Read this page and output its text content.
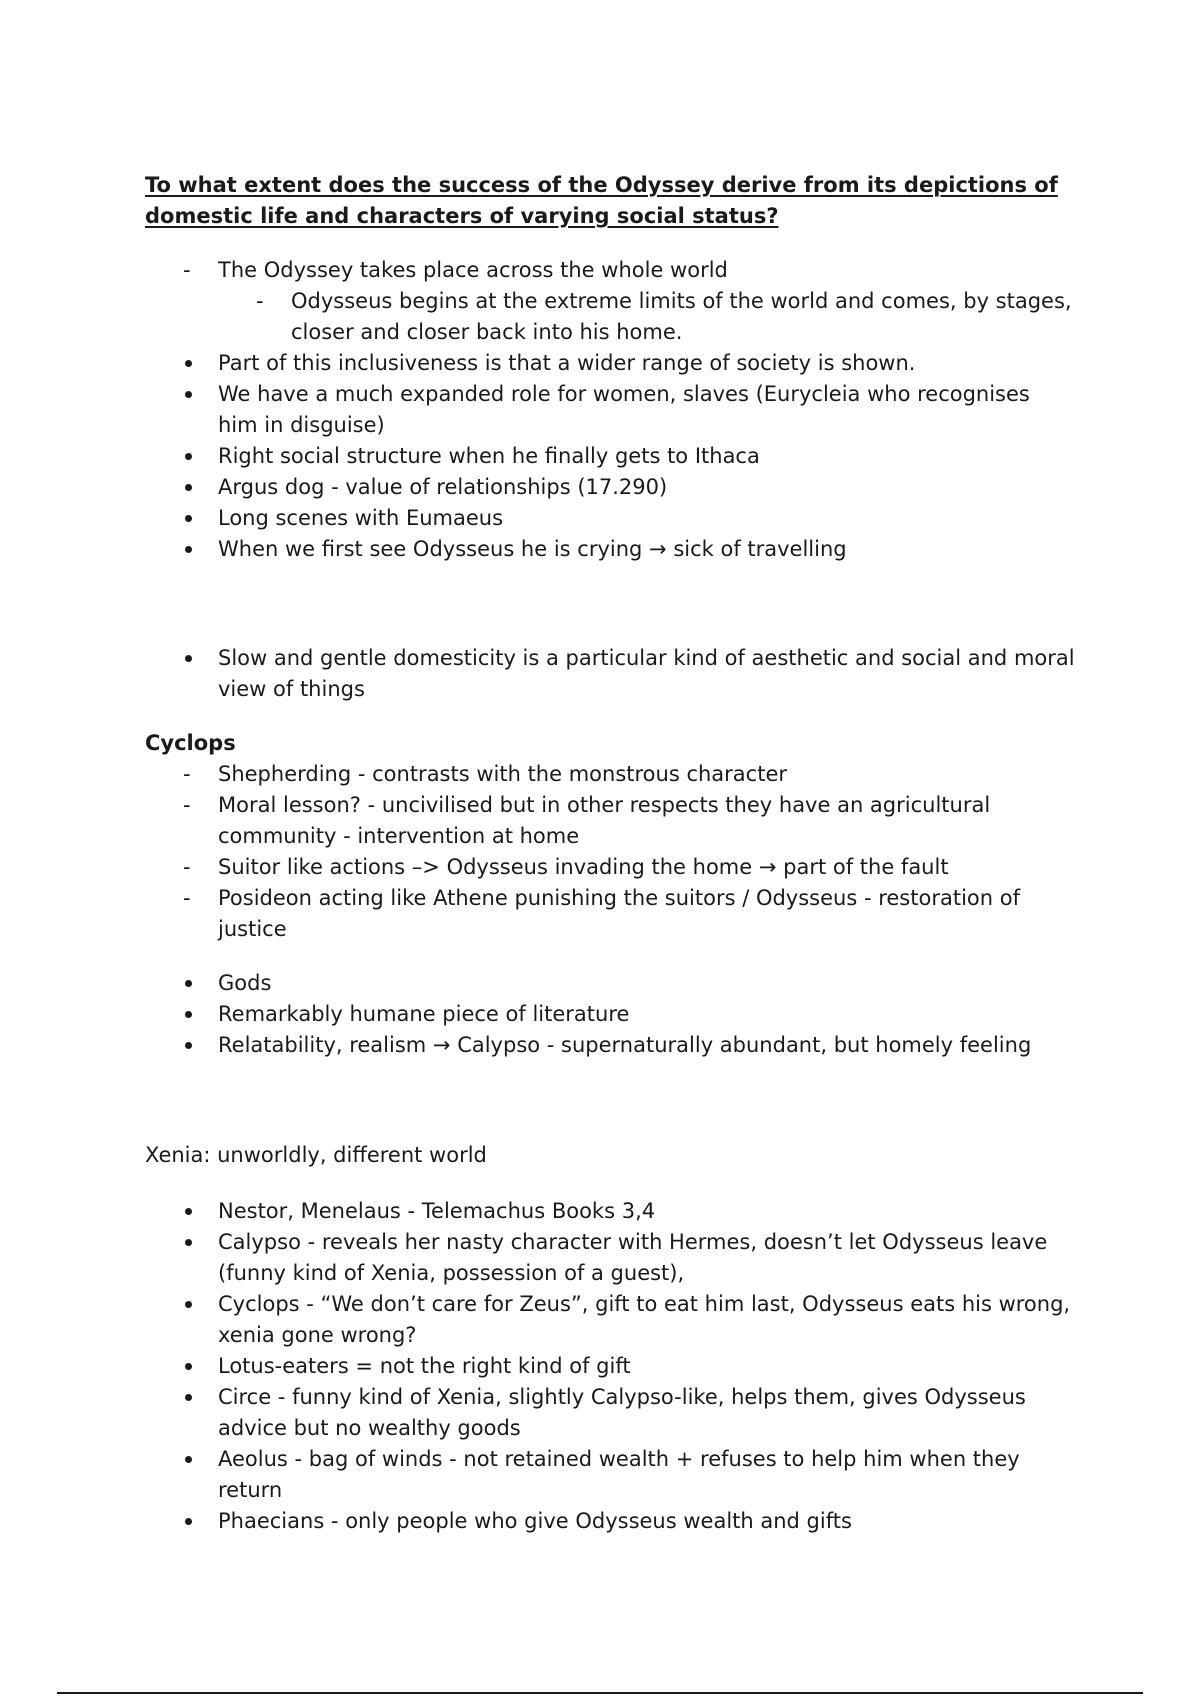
To what extent does the success of the Odyssey derive from its depictions of domestic life and characters of varying social status?
- The Odyssey takes place across the whole world
- Odysseus begins at the extreme limits of the world and comes, by stages, closer and closer back into his home.
Part of this inclusiveness is that a wider range of society is shown.
We have a much expanded role for women, slaves (Eurycleia who recognises him in disguise)
Right social structure when he finally gets to Ithaca
Argus dog - value of relationships (17.290)
Long scenes with Eumaeus
When we first see Odysseus he is crying → sick of travelling
Slow and gentle domesticity is a particular kind of aesthetic and social and moral view of things

Cyclops

- Shepherding - contrasts with the monstrous character
- Moral lesson? - uncivilised but in other respects they have an agricultural community - intervention at home
- Suitor like actions –> Odysseus invading the home → part of the fault
- Posideon acting like Athene punishing the suitors / Odysseus - restoration of justice
Gods
Remarkably humane piece of literature
Relatability, realism → Calypso - supernaturally abundant, but homely feeling

Xenia: unworldly, different world

Nestor, Menelaus - Telemachus Books 3,4
Calypso - reveals her nasty character with Hermes, doesn’t let Odysseus leave (funny kind of Xenia, possession of a guest),
Cyclops - “We don’t care for Zeus”, gift to eat him last, Odysseus eats his wrong, xenia gone wrong?
Lotus-eaters = not the right kind of gift
Circe - funny kind of Xenia, slightly Calypso-like, helps them, gives Odysseus advice but no wealthy goods
Aeolus - bag of winds - not retained wealth + refuses to help him when they return
Phaecians - only people who give Odysseus wealth and gifts
